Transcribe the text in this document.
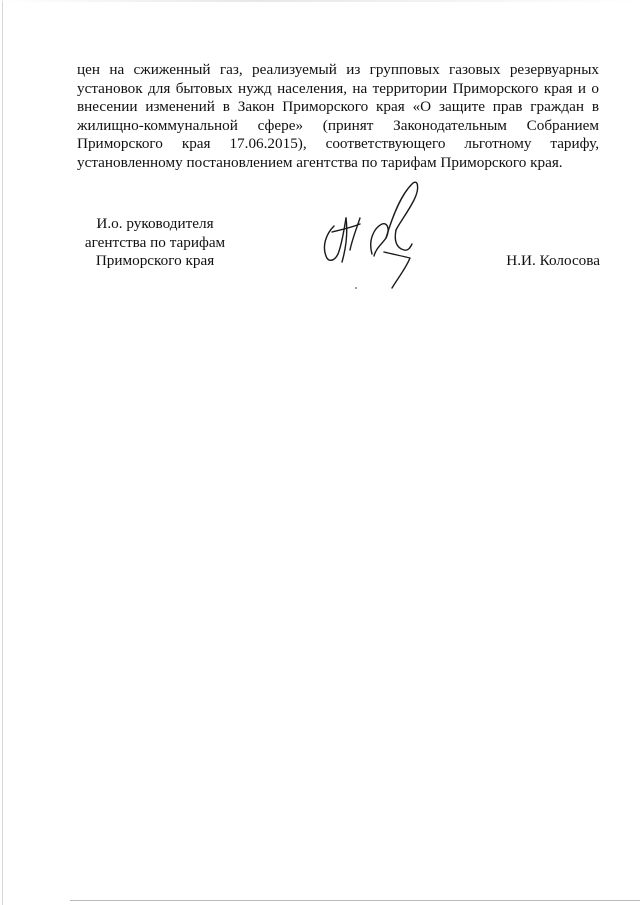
цен на сжиженный газ, реализуемый из групповых газовых резервуарных установок для бытовых нужд населения, на территории Приморского края и о внесении изменений в Закон Приморского края «О защите прав граждан в жилищно-коммунальной сфере» (принят Законодательным Собранием Приморского края 17.06.2015), соответствующего льготному тарифу, установленному постановлением агентства по тарифам Приморского края.

И.о. руководителя
агентства по тарифам
Приморского края	Н.И. Колосова
